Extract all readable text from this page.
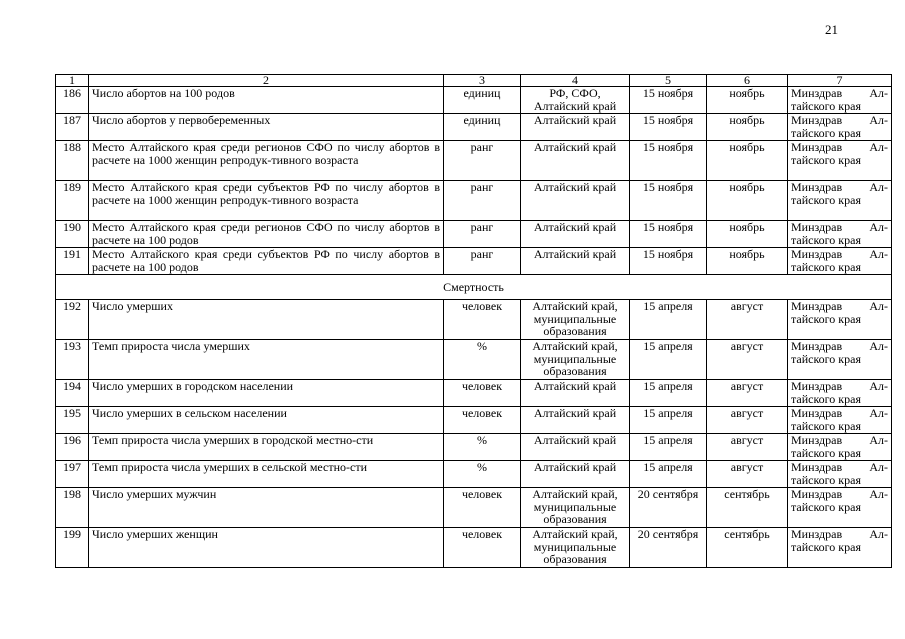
21
1	2	3	4	5	6	7
186	Число абортов на 100 родов	единиц	РФ, СФО, Алтайский край	15 ноября	ноябрь	Минздрав Ал-
тайского края

187	Число абортов у первобеременных	единиц	Алтайский край	15 ноября	ноябрь	Минздрав Ал-
тайского края

188	Место Алтайского края среди регионов СФО по числу абортов в расчете на 1000 женщин репродук-тивного возраста	ранг	Алтайский край	15 ноября	ноябрь	Минздрав Ал-
тайского края

189	Место Алтайского края среди субъектов РФ по числу абортов в расчете на 1000 женщин репродук-тивного возраста	ранг	Алтайский край	15 ноября	ноябрь	Минздрав Ал-
тайского края

190	Место Алтайского края среди регионов СФО по числу абортов в расчете на 100 родов	ранг	Алтайский край	15 ноября	ноябрь	Минздрав Ал-
тайского края

191	Место Алтайского края среди субъектов РФ по числу абортов в расчете на 100 родов	ранг	Алтайский край	15 ноября	ноябрь	Минздрав Ал-
тайского края

Смертность						
192	Число умерших	человек	Алтайский край, муниципальные образования	15 апреля	август	Минздрав Ал-
тайского края

193	Темп прироста числа умерших	%	Алтайский край, муниципальные образования	15 апреля	август	Минздрав Ал-
тайского края

194	Число умерших в городском населении	человек	Алтайский край	15 апреля	август	Минздрав Ал-
тайского края

195	Число умерших в сельском населении	человек	Алтайский край	15 апреля	август	Минздрав Ал-
тайского края

196	Темп прироста числа умерших в городской местно-сти	%	Алтайский край	15 апреля	август	Минздрав Ал-
тайского края

197	Темп прироста числа умерших в сельской местно-сти	%	Алтайский край	15 апреля	август	Минздрав Ал-
тайского края

198	Число умерших мужчин	человек	Алтайский край, муниципальные образования	20 сентября	сентябрь	Минздрав Ал-
тайского края

199	Число умерших женщин	человек	Алтайский край, муниципальные образования	20 сентября	сентябрь	Минздрав Ал-
тайского края
